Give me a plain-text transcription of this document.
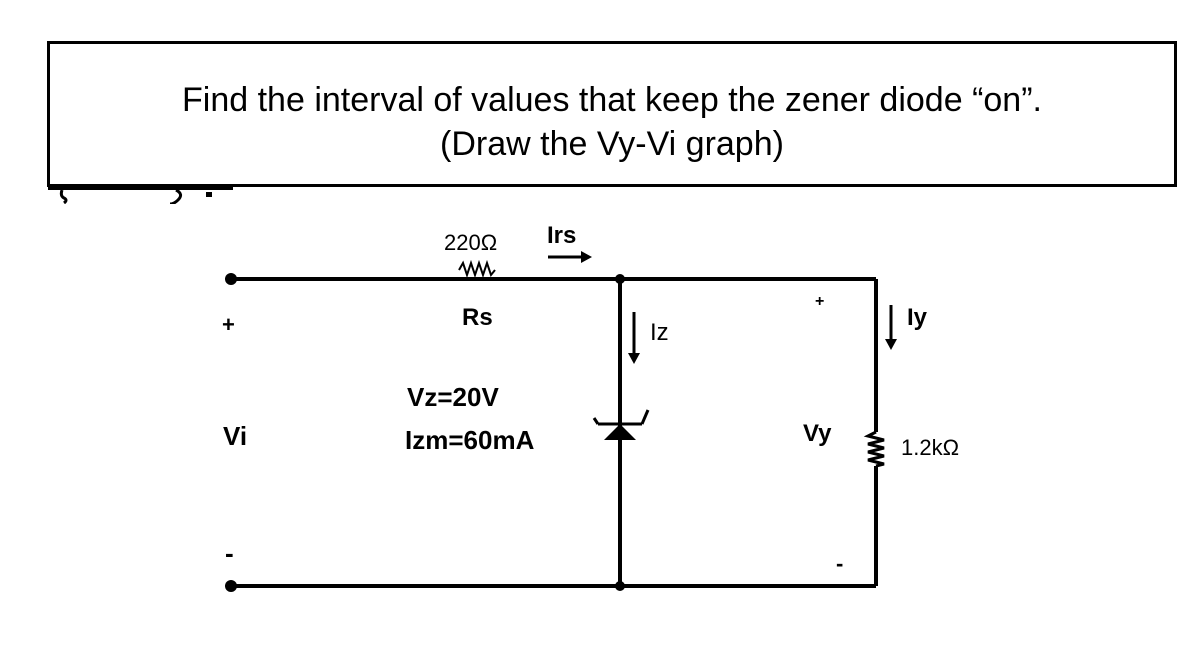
Find the interval of values that keep the zener diode “on”.
(Draw the Vy-Vi graph)
220Ω
Rs
Irs
Iz
Iy
Vz=20V
Izm=60mA
+
-
Vi
+
-
Vy
1.2kΩ
